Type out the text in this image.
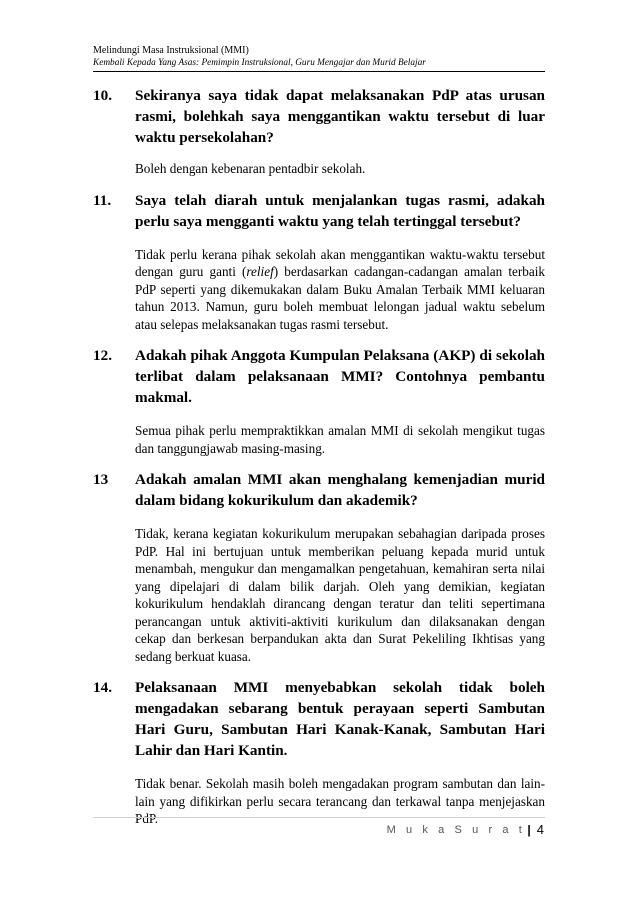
Melindungi Masa Instruksional (MMI)
Kembali Kepada Yang Asas: Pemimpin Instruksional, Guru Mengajar dan Murid Belajar
10. Sekiranya saya tidak dapat melaksanakan PdP atas urusan rasmi, bolehkah saya menggantikan waktu tersebut di luar waktu persekolahan?
Boleh dengan kebenaran pentadbir sekolah.
11. Saya telah diarah untuk menjalankan tugas rasmi, adakah perlu saya mengganti waktu yang telah tertinggal tersebut?
Tidak perlu kerana pihak sekolah akan menggantikan waktu-waktu tersebut dengan guru ganti (relief) berdasarkan cadangan-cadangan amalan terbaik PdP seperti yang dikemukakan dalam Buku Amalan Terbaik MMI keluaran tahun 2013. Namun, guru boleh membuat lelongan jadual waktu sebelum atau selepas melaksanakan tugas rasmi tersebut.
12. Adakah pihak Anggota Kumpulan Pelaksana (AKP) di sekolah terlibat dalam pelaksanaan MMI? Contohnya pembantu makmal.
Semua pihak perlu mempraktikkan amalan MMI di sekolah mengikut tugas dan tanggungjawab masing-masing.
13 Adakah amalan MMI akan menghalang kemenjadian murid dalam bidang kokurikulum dan akademik?
Tidak, kerana kegiatan kokurikulum merupakan sebahagian daripada proses PdP. Hal ini bertujuan untuk memberikan peluang kepada murid untuk menambah, mengukur dan mengamalkan pengetahuan, kemahiran serta nilai yang dipelajari di dalam bilik darjah. Oleh yang demikian, kegiatan kokurikulum hendaklah dirancang dengan teratur dan teliti sepertimana perancangan untuk aktiviti-aktiviti kurikulum dan dilaksanakan dengan cekap dan berkesan berpandukan akta dan Surat Pekeliling Ikhtisas yang sedang berkuat kuasa.
14. Pelaksanaan MMI menyebabkan sekolah tidak boleh mengadakan sebarang bentuk perayaan seperti Sambutan Hari Guru, Sambutan Hari Kanak-Kanak, Sambutan Hari Lahir dan Hari Kantin.
Tidak benar. Sekolah masih boleh mengadakan program sambutan dan lain-lain yang difikirkan perlu secara terancang dan terkawal tanpa menjejaskan PdP.
M u k a S u r a t | 4
